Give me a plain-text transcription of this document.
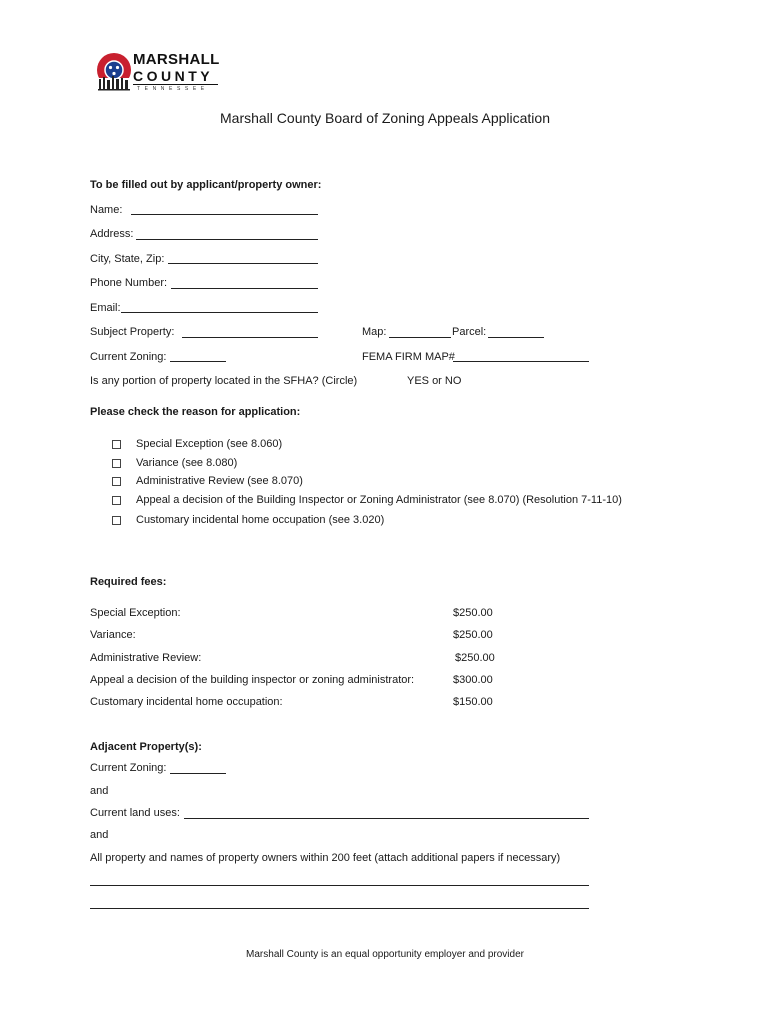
MARSHALL
COUNTY
TENNESSEE
Marshall County Board of Zoning Appeals Application
To be filled out by applicant/property owner:
Name:
Address:
City, State, Zip:
Phone Number:
Email:
Subject Property:	Map:	Parcel:
Current Zoning:	FEMA FIRM MAP#
Is any portion of property located in the SFHA? (Circle)	YES or NO
Please check the reason for application:
Special Exception (see 8.060)
Variance (see 8.080)
Administrative Review (see 8.070)
Appeal a decision of the Building Inspector or Zoning Administrator (see 8.070) (Resolution 7-11-10)
Customary incidental home occupation (see 3.020)
Required fees:
Special Exception:	$250.00
Variance:	$250.00
Administrative Review:	$250.00
Appeal a decision of the building inspector or zoning administrator:	$300.00
Customary incidental home occupation:	$150.00
Adjacent Property(s):
Current Zoning:
and
Current land uses:
and
All property and names of property owners within 200 feet (attach additional papers if necessary)
Marshall County is an equal opportunity employer and provider
